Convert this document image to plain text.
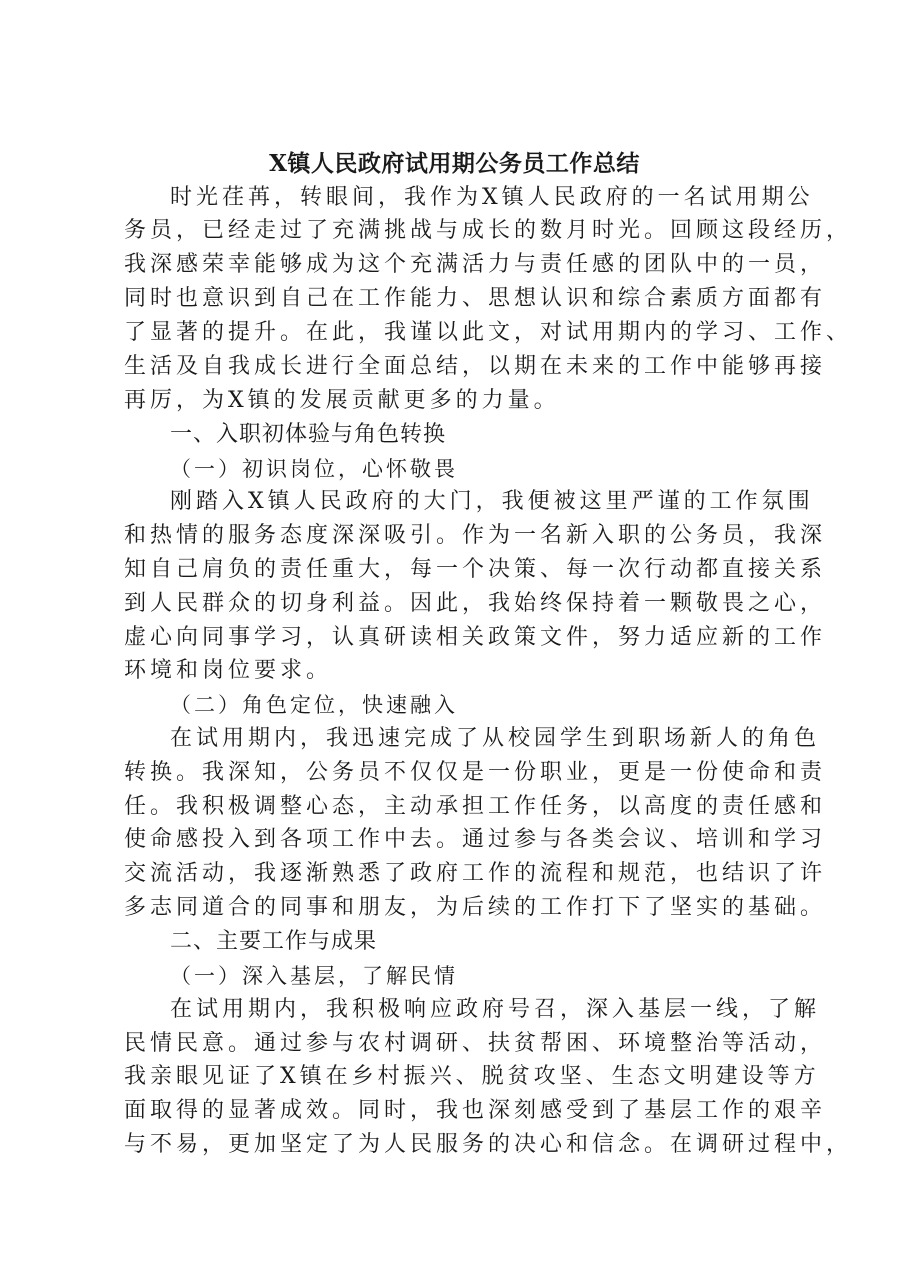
X镇人民政府试用期公务员工作总结
时光荏苒，转眼间，我作为X镇人民政府的一名试用期公
务员，已经走过了充满挑战与成长的数月时光。回顾这段经历，
我深感荣幸能够成为这个充满活力与责任感的团队中的一员，
同时也意识到自己在工作能力、思想认识和综合素质方面都有
了显著的提升。在此，我谨以此文，对试用期内的学习、工作、
生活及自我成长进行全面总结，以期在未来的工作中能够再接
再厉，为X镇的发展贡献更多的力量。
一、入职初体验与角色转换
（一）初识岗位，心怀敬畏
刚踏入X镇人民政府的大门，我便被这里严谨的工作氛围
和热情的服务态度深深吸引。作为一名新入职的公务员，我深
知自己肩负的责任重大，每一个决策、每一次行动都直接关系
到人民群众的切身利益。因此，我始终保持着一颗敬畏之心，
虚心向同事学习，认真研读相关政策文件，努力适应新的工作
环境和岗位要求。
（二）角色定位，快速融入
在试用期内，我迅速完成了从校园学生到职场新人的角色
转换。我深知，公务员不仅仅是一份职业，更是一份使命和责
任。我积极调整心态，主动承担工作任务，以高度的责任感和
使命感投入到各项工作中去。通过参与各类会议、培训和学习
交流活动，我逐渐熟悉了政府工作的流程和规范，也结识了许
多志同道合的同事和朋友，为后续的工作打下了坚实的基础。
二、主要工作与成果
（一）深入基层，了解民情
在试用期内，我积极响应政府号召，深入基层一线，了解
民情民意。通过参与农村调研、扶贫帮困、环境整治等活动，
我亲眼见证了X镇在乡村振兴、脱贫攻坚、生态文明建设等方
面取得的显著成效。同时，我也深刻感受到了基层工作的艰辛
与不易，更加坚定了为人民服务的决心和信念。在调研过程中，
